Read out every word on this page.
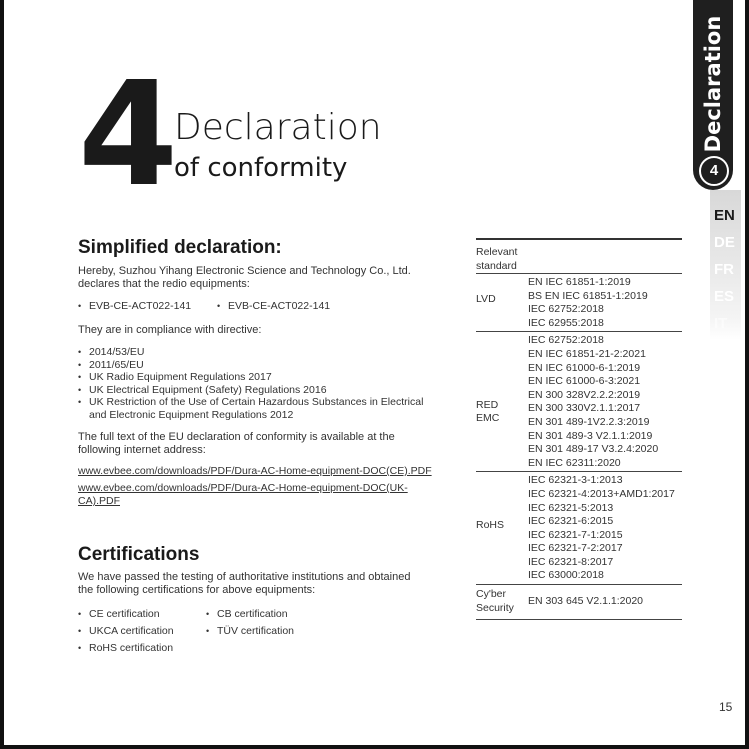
4 Declaration
of conformity
Simplified declaration:

Hereby, Suzhou Yihang Electronic Science and Technology Co., Ltd.

declares that the redio equipments:

• EVB-CE-ACT022-141
•	EVB-CE-ACT022-141

They are in compliance with directive:

• 2014/53/EU
• 2011/65/EU
• UK Radio Equipment Regulations 2017
• UK Electrical Equipment (Safety) Regulations 2016
• UK Restriction of the Use of Certain Hazardous Substances in Electrical
and Electronic Equipment Regulations 2012

The full text of the EU declaration of conformity is available at the

following internet address:

www.evbee.com/downloads/PDF/Dura-AC-Home-equipment-DOC(CE).PDF
www.evbee.com/downloads/PDF/Dura-AC-Home-equipment-DOC(UK-
CA).PDF
Certifications

We have passed the testing of authoritative institutions and obtained

the following certifications for above equipments:

• CE certification
• UKCA certification
• RoHS certification
• CB certification
• TÜV certification
Relevant
standard
LVD
EN IEC 61851-1:2019
BS EN IEC 61851-1:2019
IEC 62752:2018
IEC 62955:2018
RED
EMC
IEC 62752:2018
EN IEC 61851-21-2:2021
EN IEC 61000-6-1:2019
EN IEC 61000-6-3:2021
EN 300 328V2.2.2:2019
EN 300 330V2.1.1:2017
EN 301 489-1V2.2.3:2019
EN 301 489-3 V2.1.1:2019
EN 301 489-17 V3.2.4:2020
EN IEC 62311:2020
RoHS
IEC 62321-3-1:2013
IEC 62321-4:2013+AMD1:2017
IEC 62321-5:2013
IEC 62321-6:2015
IEC 62321-7-1:2015
IEC 62321-7-2:2017
IEC 62321-8:2017
IEC 63000:2018
Cy'ber
Security
EN 303 645 V2.1.1:2020
Declaration
4
EN
DE
FR
ES
IT
15
